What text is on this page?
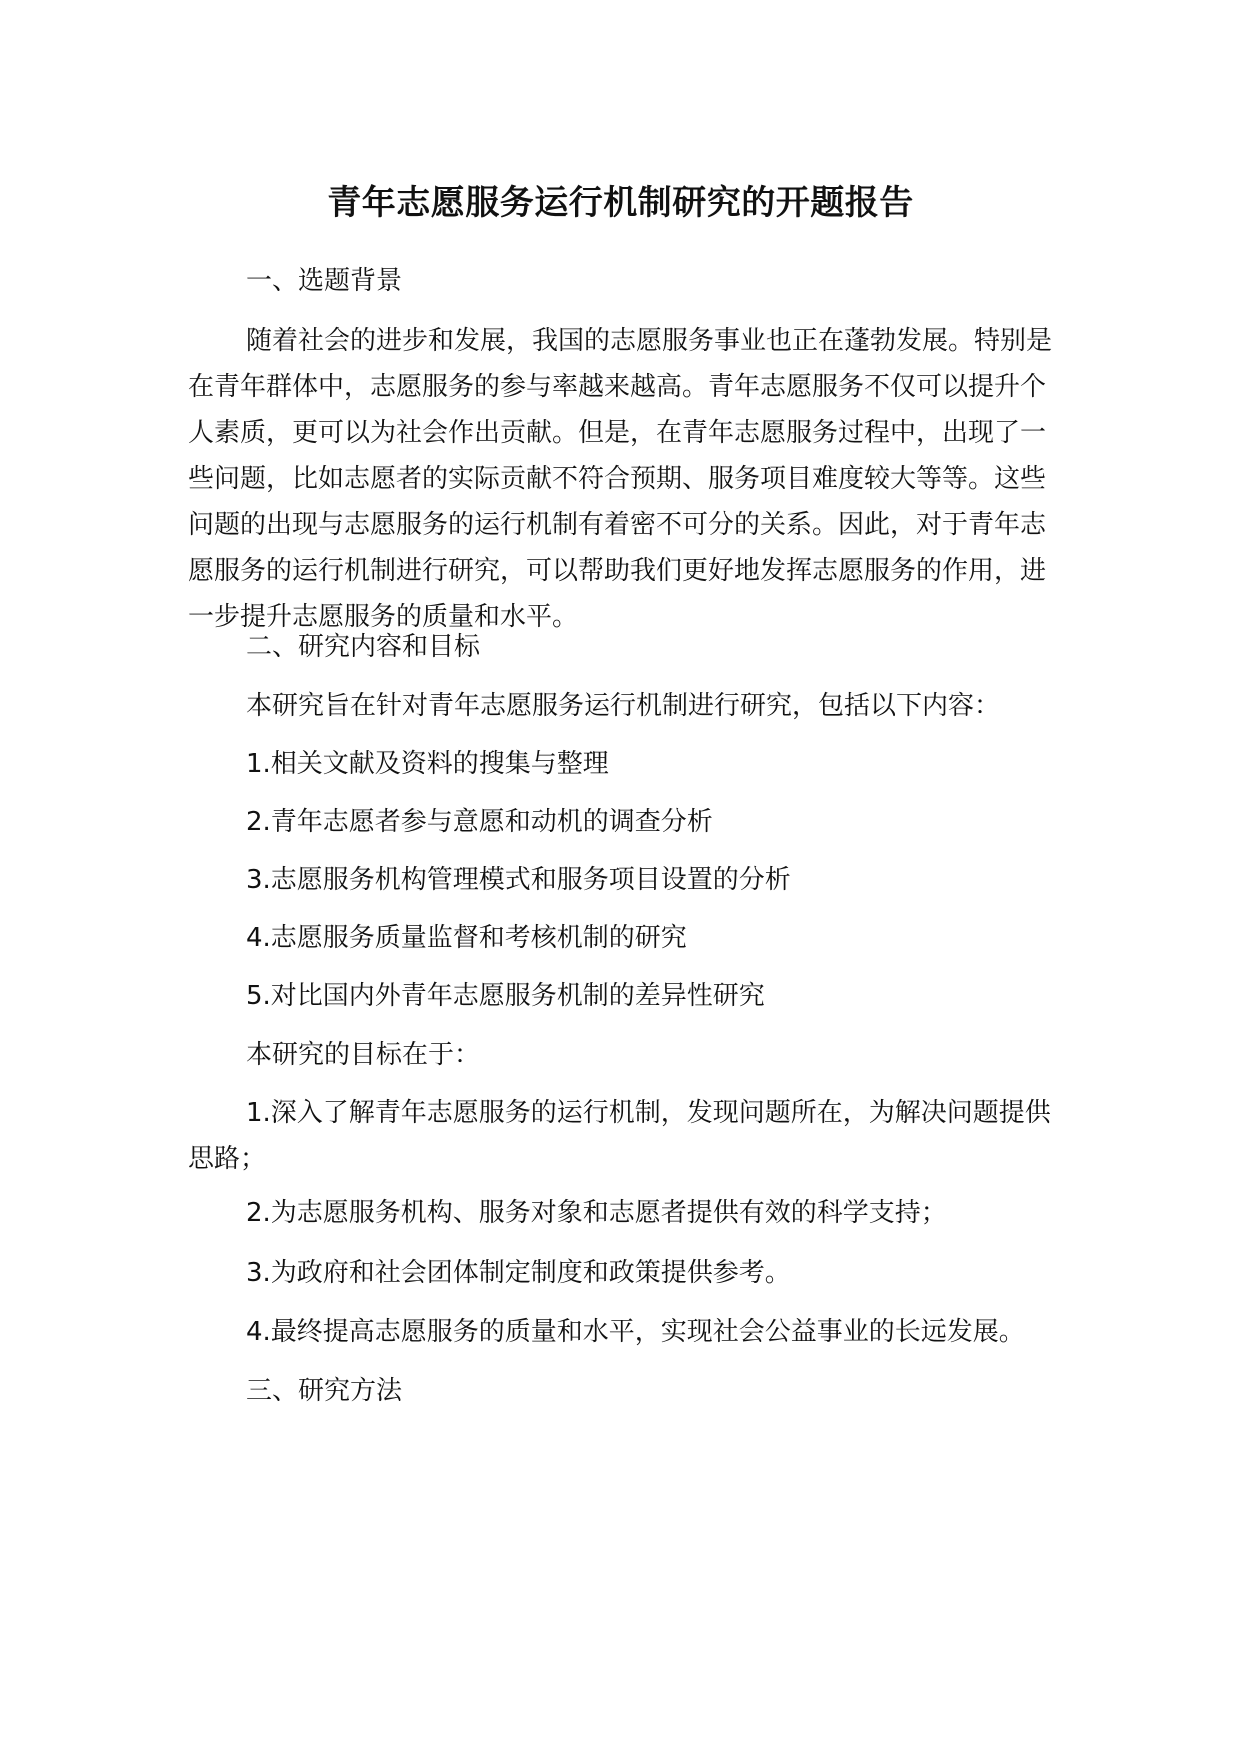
青年志愿服务运行机制研究的开题报告

一、选题背景

随着社会的进步和发展，我国的志愿服务事业也正在蓬勃发展。特别是在青年群体中，志愿服务的参与率越来越高。青年志愿服务不仅可以提升个人素质，更可以为社会作出贡献。但是，在青年志愿服务过程中，出现了一些问题，比如志愿者的实际贡献不符合预期、服务项目难度较大等等。这些问题的出现与志愿服务的运行机制有着密不可分的关系。因此，对于青年志愿服务的运行机制进行研究，可以帮助我们更好地发挥志愿服务的作用，进一步提升志愿服务的质量和水平。

二、研究内容和目标

本研究旨在针对青年志愿服务运行机制进行研究，包括以下内容：

1.相关文献及资料的搜集与整理

2.青年志愿者参与意愿和动机的调查分析

3.志愿服务机构管理模式和服务项目设置的分析

4.志愿服务质量监督和考核机制的研究

5.对比国内外青年志愿服务机制的差异性研究

本研究的目标在于：

1.深入了解青年志愿服务的运行机制，发现问题所在，为解决问题提供思路；

2.为志愿服务机构、服务对象和志愿者提供有效的科学支持；

3.为政府和社会团体制定制度和政策提供参考。

4.最终提高志愿服务的质量和水平，实现社会公益事业的长远发展。

三、研究方法
